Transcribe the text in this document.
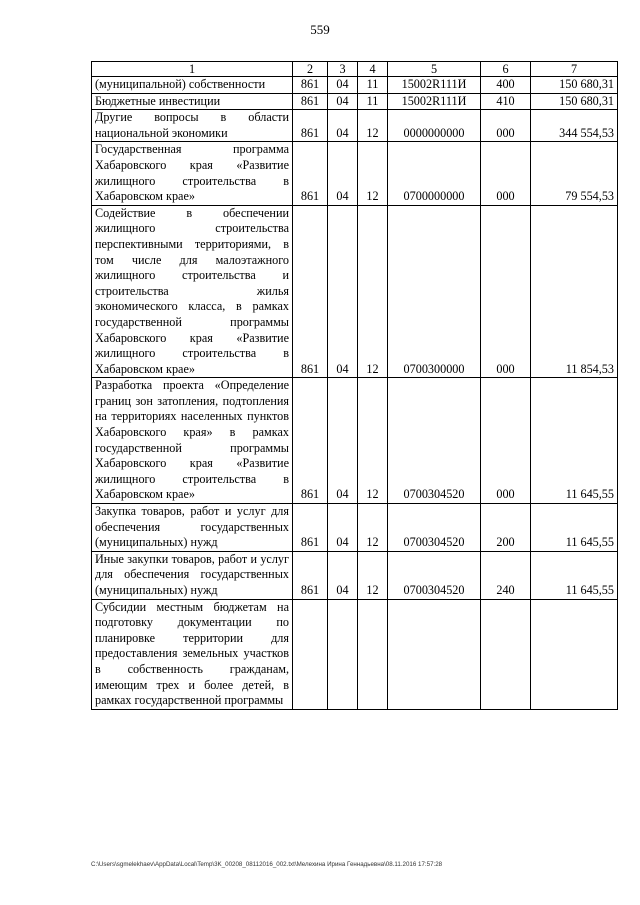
559
1	2	3	4	5	6	7
(муниципальной) собственности	861	04	11	15002R111И	400	150 680,31
Бюджетные инвестиции	861	04	11	15002R111И	410	150 680,31
Другие вопросы в области национальной экономики	861	04	12	0000000000	000	344 554,53
Государственная программа Хабаровского края «Развитие жилищного строительства в Хабаровском крае»	861	04	12	0700000000	000	79 554,53
Содействие в обеспечении жилищного строительства перспективными территориями, в том числе для малоэтажного жилищного строительства и строительства жилья экономического класса, в рамках государственной программы Хабаровского края «Развитие жилищного строительства в Хабаровском крае»	861	04	12	0700300000	000	11 854,53
Разработка проекта «Определение границ зон затопления, подтопления на территориях населенных пунктов Хабаровского края» в рамках государственной программы Хабаровского края «Развитие жилищного строительства в Хабаровском крае»	861	04	12	0700304520	000	11 645,55
Закупка товаров, работ и услуг для обеспечения государственных (муниципальных) нужд	861	04	12	0700304520	200	11 645,55
Иные закупки товаров, работ и услуг для обеспечения государственных (муниципальных) нужд	861	04	12	0700304520	240	11 645,55
Субсидии местным бюджетам на подготовку документации по планировке территории для предоставления земельных участков в собственность гражданам, имеющим трех и более детей, в рамках государственной программы						
C:\Users\sgmelekhaev\AppData\Local\Temp\3K_00208_08112016_002.txt\Мелехина Ирина Геннадьевна\08.11.2016 17:57:28
